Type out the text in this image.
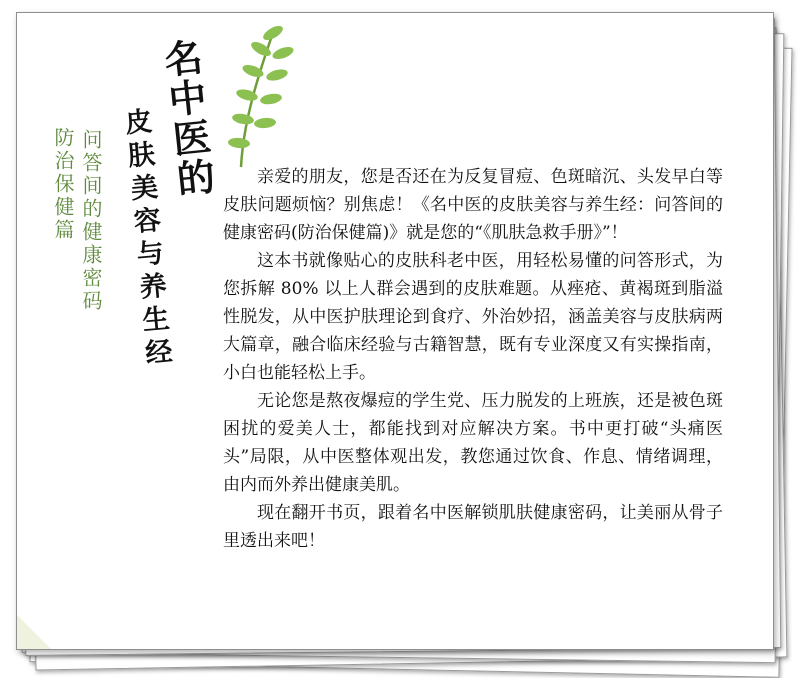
名中医的
皮肤美容与养生经
问答间的健康密码
防治保健篇	亲爱的朋友，您是否还在为反复冒痘、色斑暗沉、头发早白等皮肤问题烦恼？别焦虑！《名中医的皮肤美容与养生经：问答间的健康密码(防治保健篇)》就是您的“《肌肤急救手册》”！

这本书就像贴心的皮肤科老中医，用轻松易懂的问答形式，为您拆解 80% 以上人群会遇到的皮肤难题。从痤疮、黄褐斑到脂溢性脱发，从中医护肤理论到食疗、外治妙招，涵盖美容与皮肤病两大篇章，融合临床经验与古籍智慧，既有专业深度又有实操指南，小白也能轻松上手。

无论您是熬夜爆痘的学生党、压力脱发的上班族，还是被色斑困扰的爱美人士，都能找到对应解决方案。书中更打破“头痛医头”局限，从中医整体观出发，教您通过饮食、作息、情绪调理，由内而外养出健康美肌。

现在翻开书页，跟着名中医解锁肌肤健康密码，让美丽从骨子里透出来吧！
